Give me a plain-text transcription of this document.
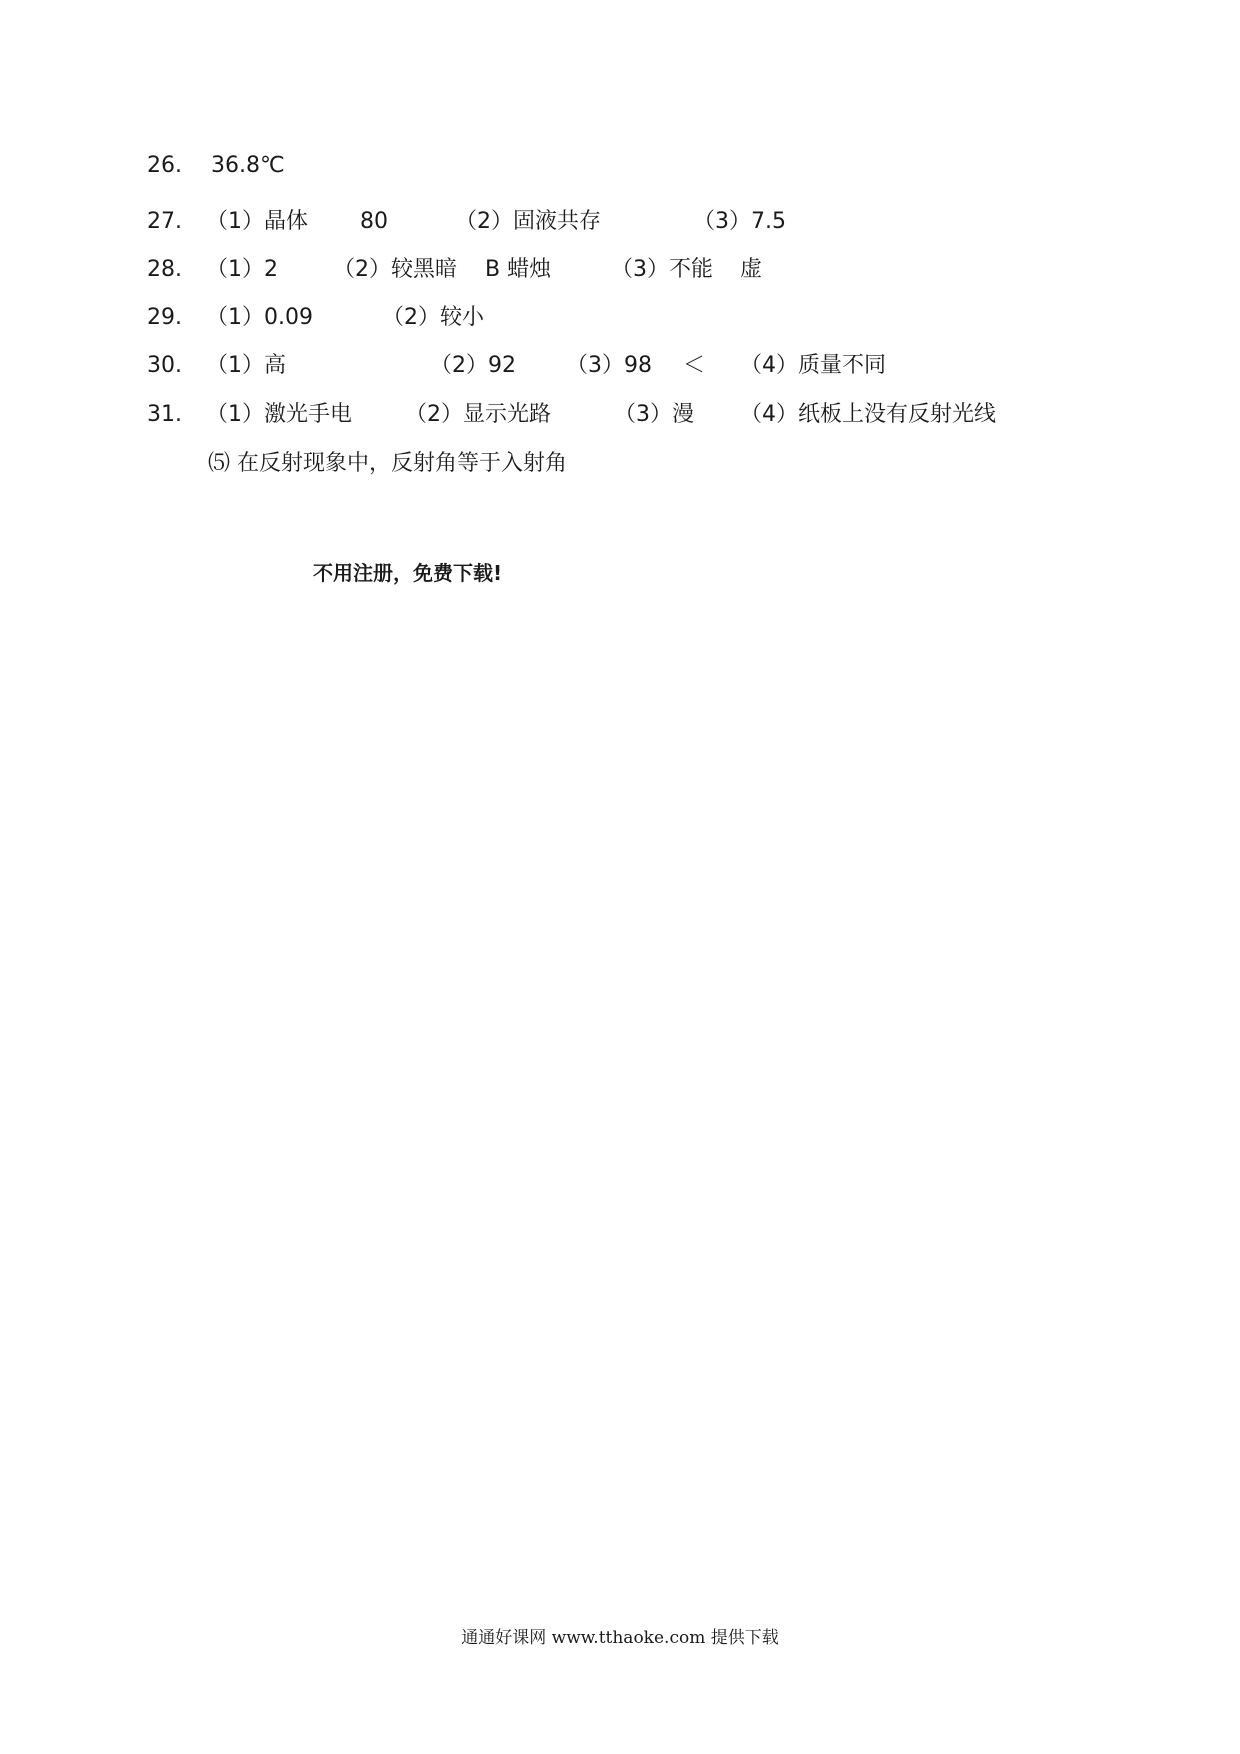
26. 36.8℃
27. （1）晶体 80	（2）固液共存	（3）7.5
28. （1）2	（2）较黑暗 B 蜡烛	（3）不能 虚
29. （1）0.09	（2）较小
30. （1）高	（2）92 （3）98 ＜ （4）质量不同
31. （1）激光手电 （2）显示光路	（3）漫 （4）纸板上没有反射光线
⑸ 在反射现象中，反射角等于入射角
不用注册，免费下载!
通通好课网 www.tthaoke.com 提供下载
